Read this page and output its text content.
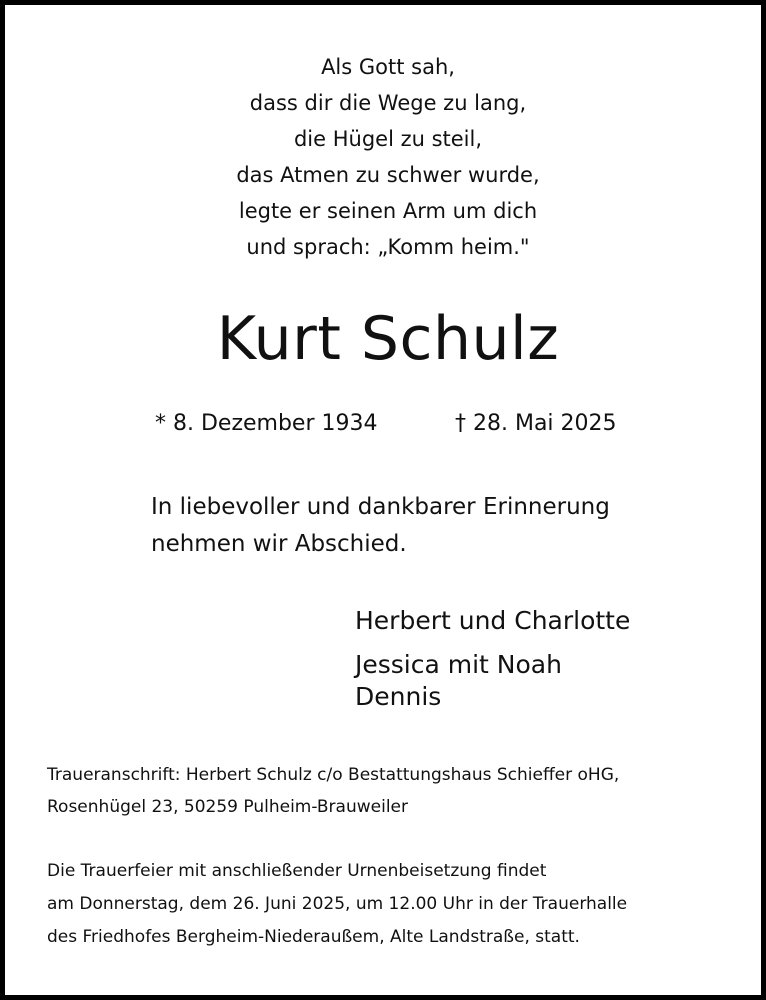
Als Gott sah,
dass dir die Wege zu lang,
die Hügel zu steil,
das Atmen zu schwer wurde,
legte er seinen Arm um dich
und sprach: „Komm heim."
Kurt Schulz
* 8. Dezember 1934	† 28. Mai 2025
In liebevoller und dankbarer Erinnerung
nehmen wir Abschied.
Herbert und Charlotte
Jessica mit Noah
Dennis
Traueranschrift: Herbert Schulz c/o Bestattungshaus Schieffer oHG,
Rosenhügel 23, 50259 Pulheim-Brauweiler
Die Trauerfeier mit anschließender Urnenbeisetzung findet
am Donnerstag, dem 26. Juni 2025, um 12.00 Uhr in der Trauerhalle
des Friedhofes Bergheim-Niederaußem, Alte Landstraße, statt.
